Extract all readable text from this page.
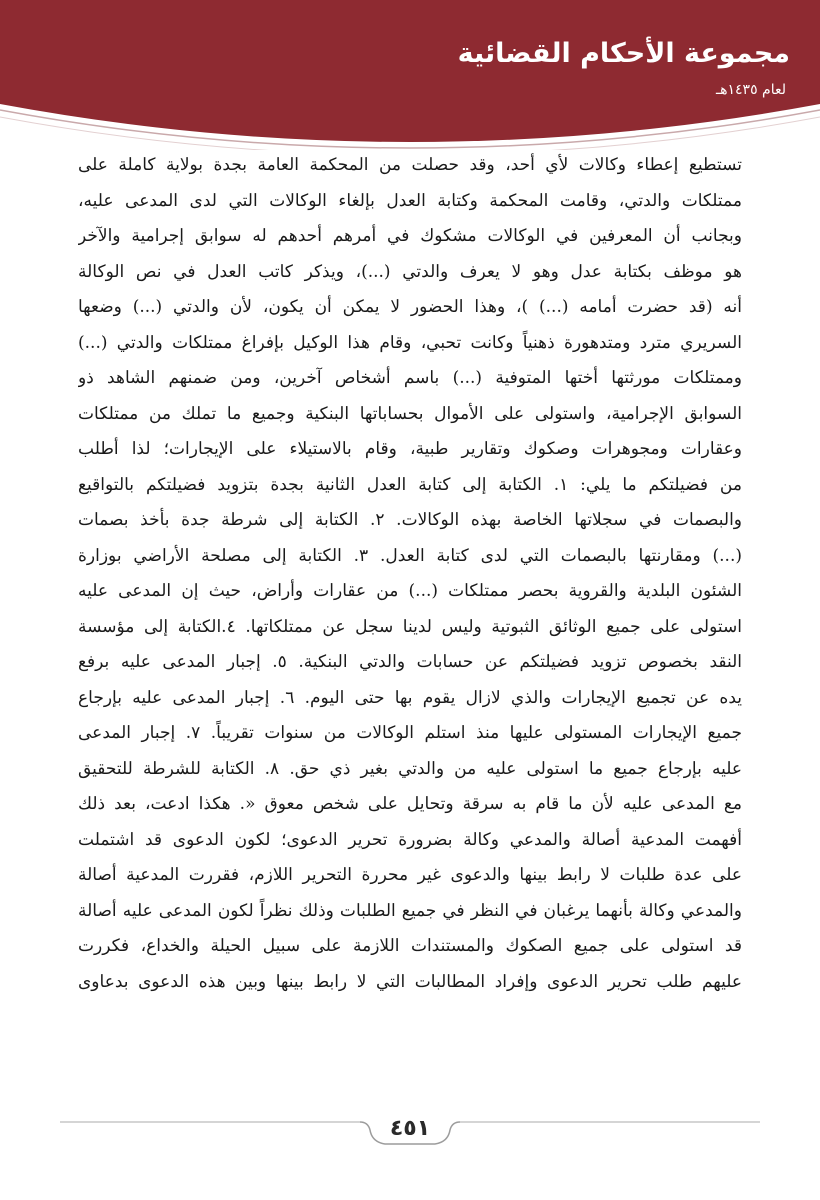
مجموعة الأحكام القضائية
لعام ١٤٣٥هـ
تستطيع إعطاء وكالات لأي أحد، وقد حصلت من المحكمة العامة بجدة بولاية كاملة على
ممتلكات والدتي، وقامت المحكمة وكتابة العدل بإلغاء الوكالات التي لدى المدعى عليه،
وبجانب أن المعرفين في الوكالات مشكوك في أمرهم أحدهم له سوابق إجرامية والآخر
هو موظف بكتابة عدل وهو لا يعرف والدتي (...)، ويذكر كاتب العدل في نص الوكالة
أنه (قد حضرت أمامه (...) )، وهذا الحضور لا يمكن أن يكون، لأن والدتي (...) وضعها
السريري مترد ومتدهورة ذهنياً وكانت تحبي، وقام هذا الوكيل بإفراغ ممتلكات والدتي (...)
وممتلكات مورثتها أختها المتوفية (...) باسم أشخاص آخرين، ومن ضمنهم الشاهد ذو
السوابق الإجرامية، واستولى على الأموال بحساباتها البنكية وجميع ما تملك من ممتلكات
وعقارات ومجوهرات وصكوك وتقارير طبية، وقام بالاستيلاء على الإيجارات؛ لذا أطلب
من فضيلتكم ما يلي: ١. الكتابة إلى كتابة العدل الثانية بجدة بتزويد فضيلتكم بالتواقيع
والبصمات في سجلاتها الخاصة بهذه الوكالات. ٢. الكتابة إلى شرطة جدة بأخذ بصمات
(...) ومقارنتها بالبصمات التي لدى كتابة العدل. ٣. الكتابة إلى مصلحة الأراضي بوزارة
الشئون البلدية والقروية بحصر ممتلكات (...) من عقارات وأراض، حيث إن المدعى عليه
استولى على جميع الوثائق الثبوتية وليس لدينا سجل عن ممتلكاتها. ٤.الكتابة إلى مؤسسة
النقد بخصوص تزويد فضيلتكم عن حسابات والدتي البنكية. ٥. إجبار المدعى عليه برفع
يده عن تجميع الإيجارات والذي لازال يقوم بها حتى اليوم. ٦. إجبار المدعى عليه بإرجاع
جميع الإيجارات المستولى عليها منذ استلم الوكالات من سنوات تقريباً. ٧. إجبار المدعى
عليه بإرجاع جميع ما استولى عليه من والدتي بغير ذي حق. ٨. الكتابة للشرطة للتحقيق
مع المدعى عليه لأن ما قام به سرقة وتحايل على شخص معوق «. هكذا ادعت، بعد ذلك
أفهمت المدعية أصالة والمدعي وكالة بضرورة تحرير الدعوى؛ لكون الدعوى قد اشتملت
على عدة طلبات لا رابط بينها والدعوى غير محررة التحرير اللازم، فقررت المدعية أصالة
والمدعي وكالة بأنهما يرغبان في النظر في جميع الطلبات وذلك نظراً لكون المدعى عليه أصالة
قد استولى على جميع الصكوك والمستندات اللازمة على سبيل الحيلة والخداع، فكررت
عليهم طلب تحرير الدعوى وإفراد المطالبات التي لا رابط بينها وبين هذه الدعوى بدعاوى
٤٥١
